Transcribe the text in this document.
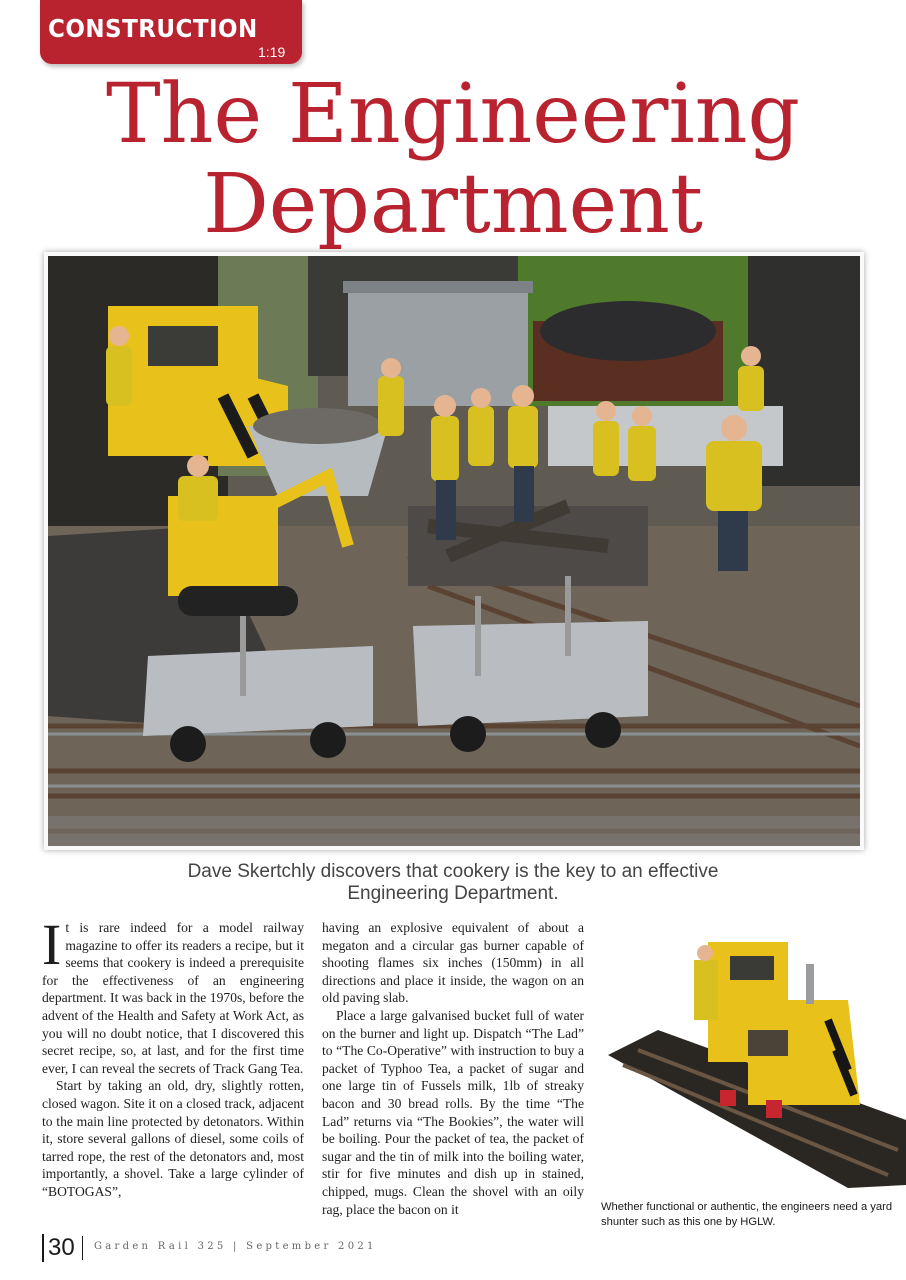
CONSTRUCTION
1:19
The Engineering
Department
Dave Skertchly discovers that cookery is the key to an effective
Engineering Department.

It is rare indeed for a model railway magazine to offer its readers a recipe, but it seems that cookery is indeed a prerequisite for the effectiveness of an engineering department. It was back in the 1970s, before the advent of the Health and Safety at Work Act, as you will no doubt notice, that I discovered this secret recipe, so, at last, and for the first time ever, I can reveal the secrets of Track Gang Tea.

Start by taking an old, dry, slightly rotten, closed wagon. Site it on a closed track, adjacent to the main line protected by detonators. Within it, store several gallons of diesel, some coils of tarred rope, the rest of the detonators and, most importantly, a shovel. Take a large cylinder of “BOTOGAS”,

having an explosive equivalent of about a megaton and a circular gas burner capable of shooting flames six inches (150mm) in all directions and place it inside, the wagon on an old paving slab.

Place a large galvanised bucket full of water on the burner and light up. Dispatch “The Lad” to “The Co-Operative” with instruction to buy a packet of Typhoo Tea, a packet of sugar and one large tin of Fussels milk, 1lb of streaky bacon and 30 bread rolls. By the time “The Lad” returns via “The Bookies”, the water will be boiling. Pour the packet of tea, the packet of sugar and the tin of milk into the boiling water, stir for five minutes and dish up in stained, chipped, mugs. Clean the shovel with an oily rag, place the bacon on it	Whether functional or authentic, the engineers need a yard shunter such as this one by HGLW.
30 Garden Rail 325 | September 2021
